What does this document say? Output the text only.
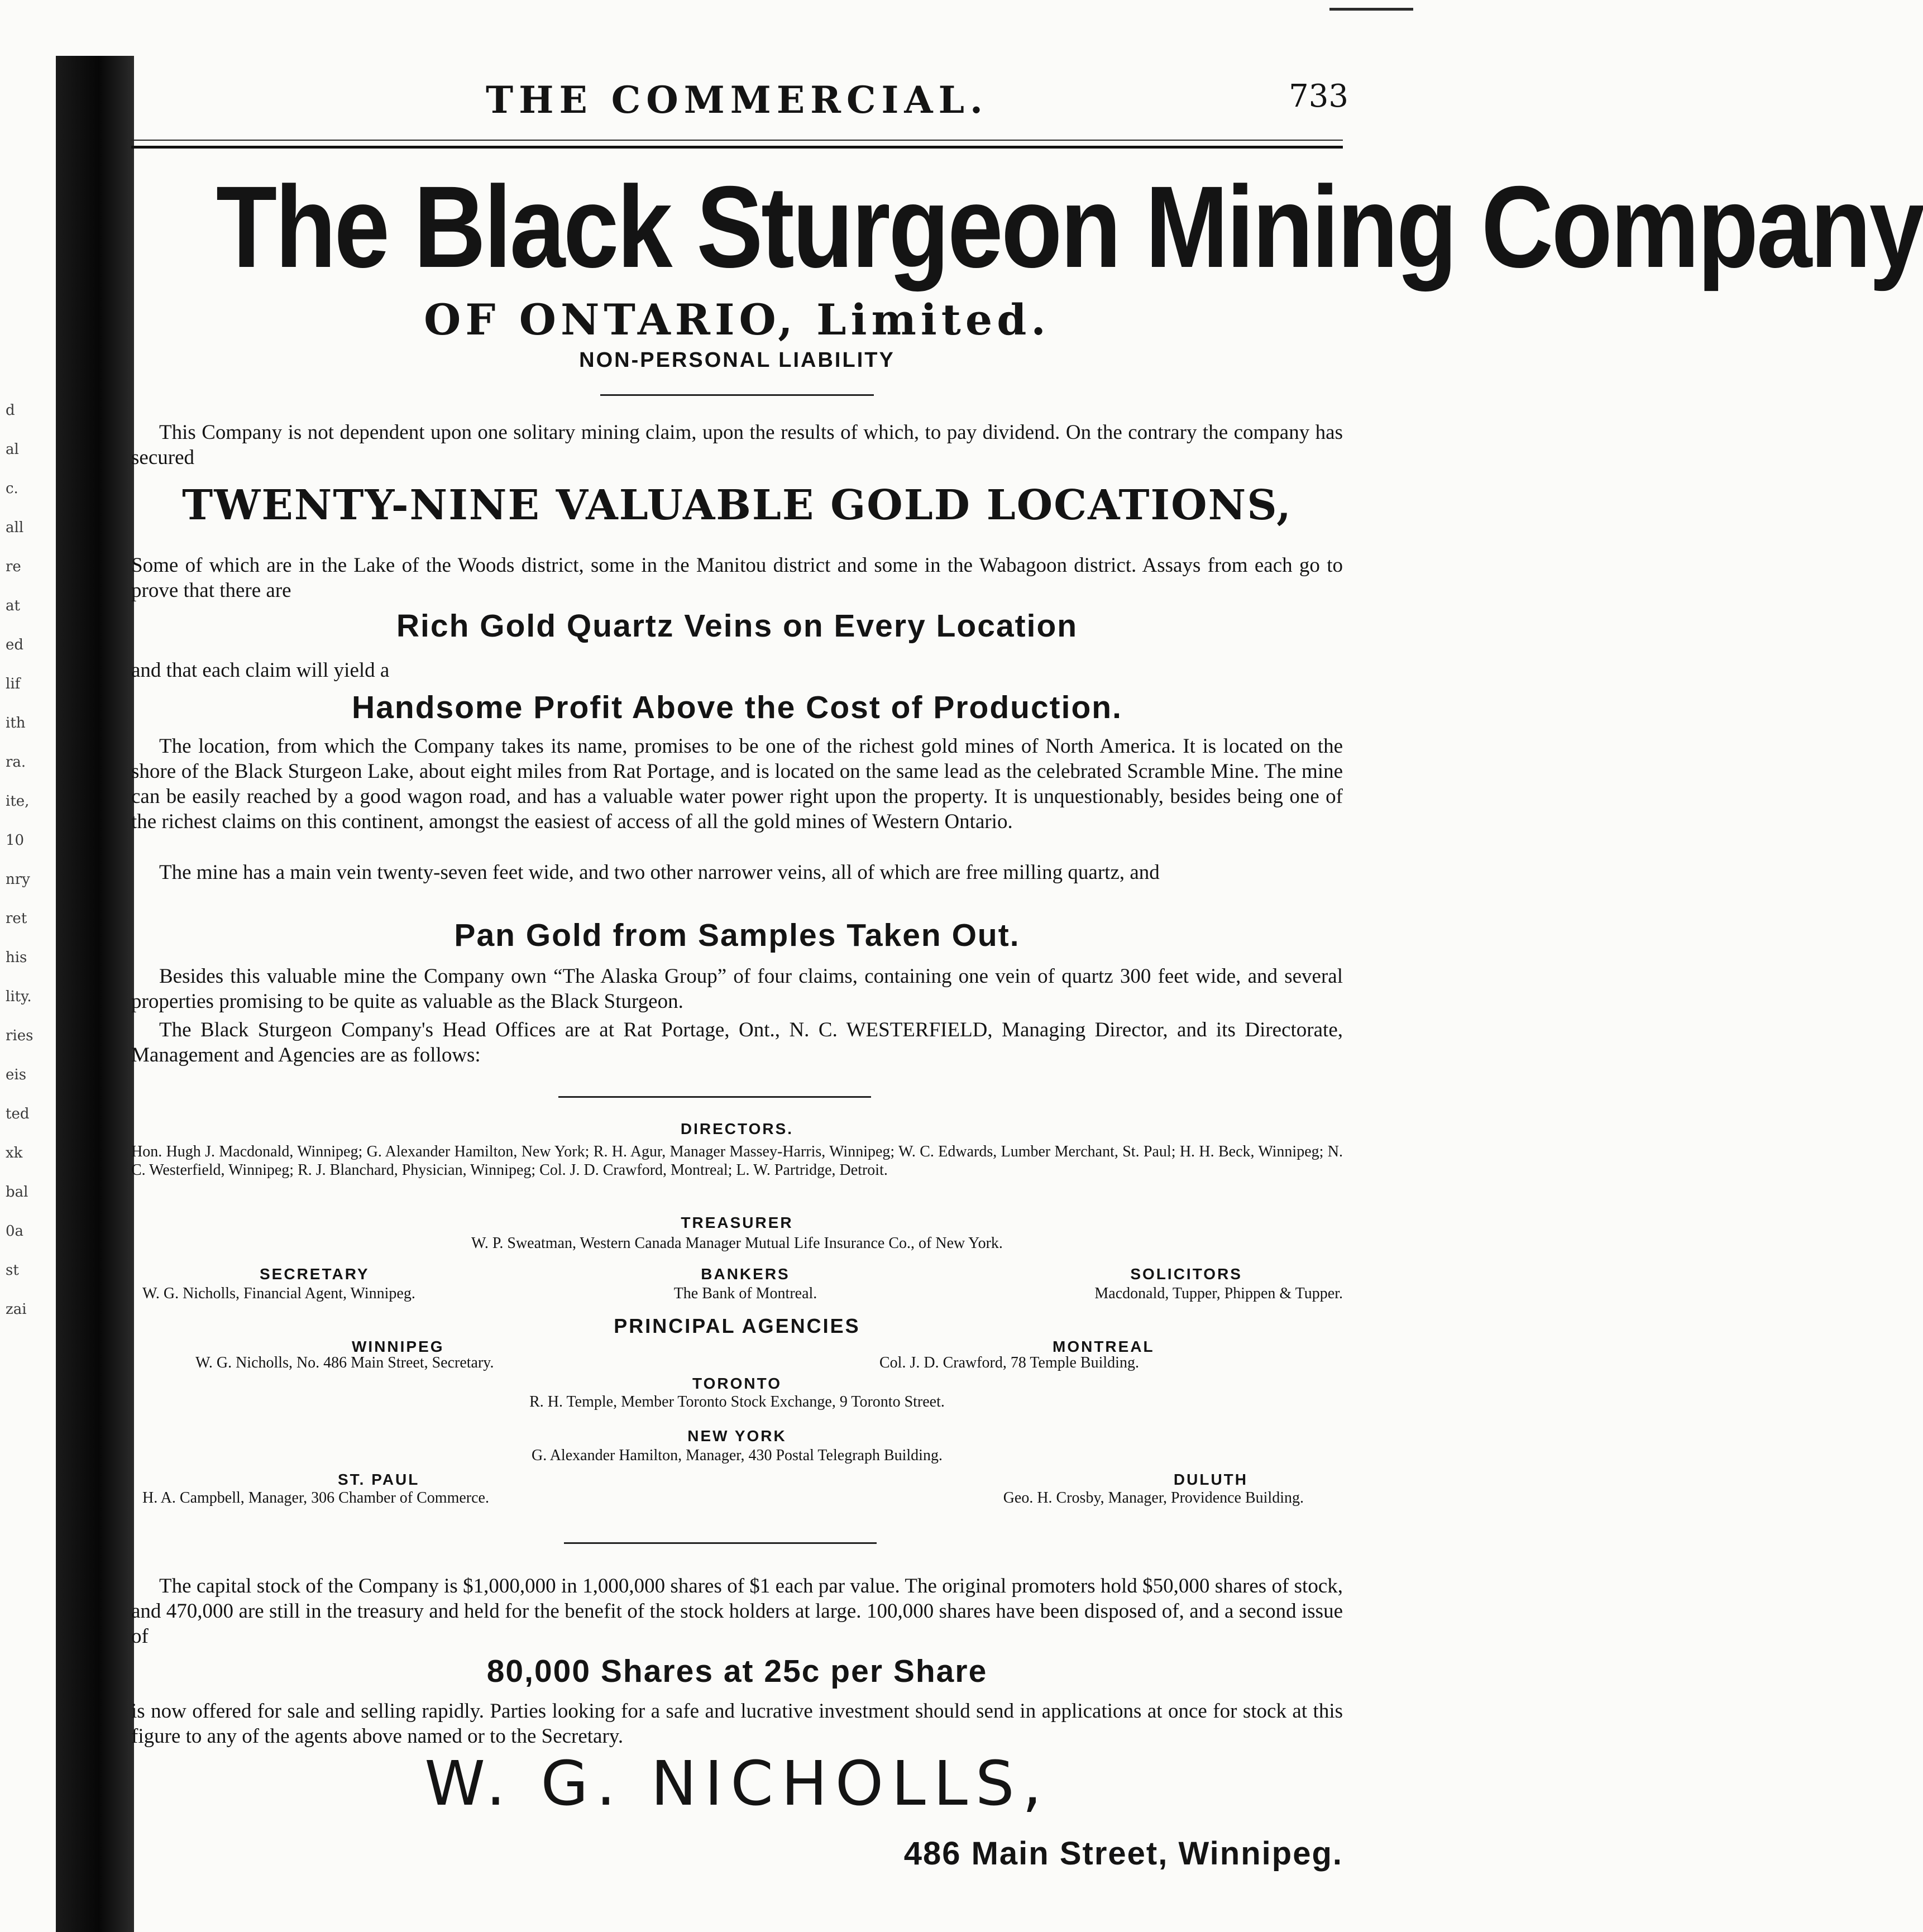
d
al
c.
all
re
at
ed
lif
ith
ra.
ite,
10
nry
ret
his
lity.
ries
eis
ted
xk
bal
0a
st
zai
THE COMMERCIAL.	733
The Black Sturgeon Mining Company
OF ONTARIO, Limited.
NON-PERSONAL LIABILITY
This Company is not dependent upon one solitary mining claim, upon the results of which, to pay dividend. On the contrary the company has secured
TWENTY-NINE VALUABLE GOLD LOCATIONS,
Some of which are in the Lake of the Woods district, some in the Manitou district and some in the Wabagoon district. Assays from each go to prove that there are
Rich Gold Quartz Veins on Every Location
and that each claim will yield a
Handsome Profit Above the Cost of Production.
The location, from which the Company takes its name, promises to be one of the richest gold mines of North America. It is located on the shore of the Black Sturgeon Lake, about eight miles from Rat Portage, and is located on the same lead as the celebrated Scramble Mine. The mine can be easily reached by a good wagon road, and has a valuable water power right upon the property. It is unquestionably, besides being one of the richest claims on this continent, amongst the easiest of access of all the gold mines of Western Ontario.
The mine has a main vein twenty-seven feet wide, and two other narrower veins, all of which are free milling quartz, and
Pan Gold from Samples Taken Out.
Besides this valuable mine the Company own “The Alaska Group” of four claims, containing one vein of quartz 300 feet wide, and several properties promising to be quite as valuable as the Black Sturgeon.
The Black Sturgeon Company's Head Offices are at Rat Portage, Ont., N. C. WESTERFIELD, Managing Director, and its Directorate, Management and Agencies are as follows:
DIRECTORS.
Hon. Hugh J. Macdonald, Winnipeg; G. Alexander Hamilton, New York; R. H. Agur, Manager Massey-Harris, Winnipeg; W. C. Edwards, Lumber Merchant, St. Paul; H. H. Beck, Winnipeg; N. C. Westerfield, Winnipeg; R. J. Blanchard, Physician, Winnipeg; Col. J. D. Crawford, Montreal; L. W. Partridge, Detroit.
TREASURER
W. P. Sweatman, Western Canada Manager Mutual Life Insurance Co., of New York.
SECRETARY
W. G. Nicholls, Financial Agent, Winnipeg.
BANKERS
The Bank of Montreal.
SOLICITORS
Macdonald, Tupper, Phippen & Tupper.
PRINCIPAL AGENCIES
WINNIPEG
W. G. Nicholls, No. 486 Main Street, Secretary.
MONTREAL
Col. J. D. Crawford, 78 Temple Building.
TORONTO
R. H. Temple, Member Toronto Stock Exchange, 9 Toronto Street.
NEW YORK
G. Alexander Hamilton, Manager, 430 Postal Telegraph Building.
ST. PAUL
H. A. Campbell, Manager, 306 Chamber of Commerce.
DULUTH
Geo. H. Crosby, Manager, Providence Building.
The capital stock of the Company is $1,000,000 in 1,000,000 shares of $1 each par value. The original promoters hold $50,000 shares of stock, and 470,000 are still in the treasury and held for the benefit of the stock holders at large. 100,000 shares have been disposed of, and a second issue of
80,000 Shares at 25c per Share
is now offered for sale and selling rapidly. Parties looking for a safe and lucrative investment should send in applications at once for stock at this figure to any of the agents above named or to the Secretary.
W. G. NICHOLLS,
486 Main Street, Winnipeg.
